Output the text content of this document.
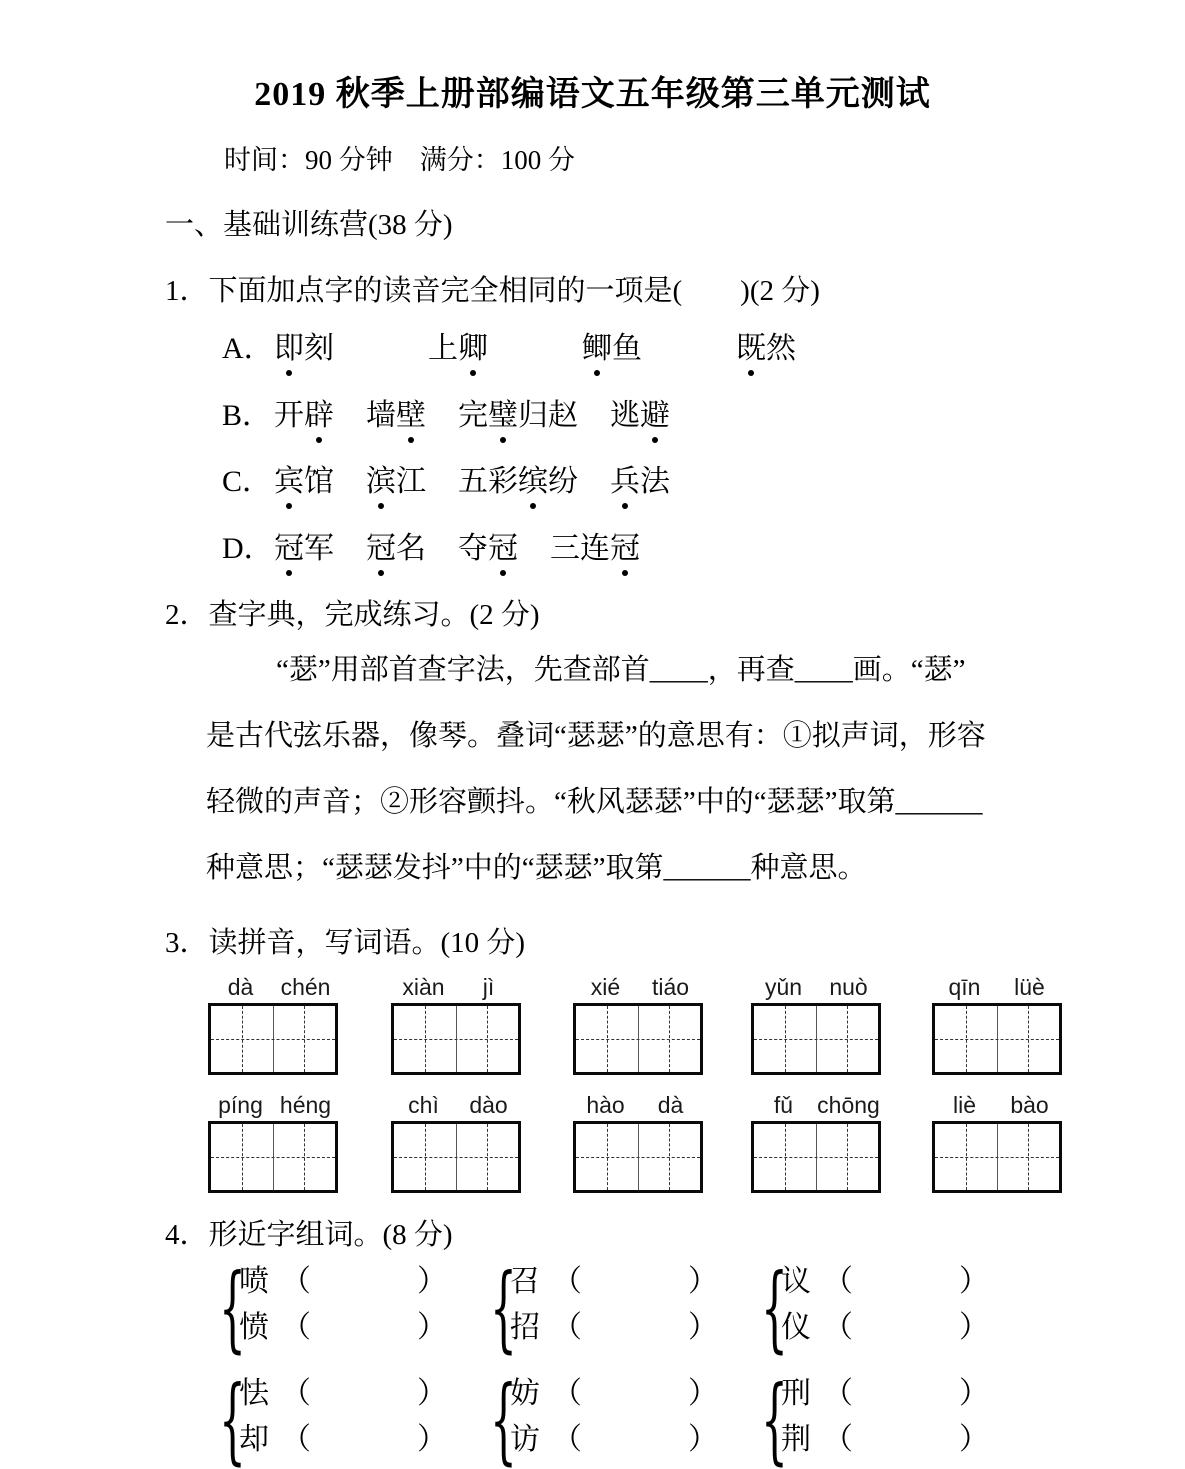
2019 秋季上册部编语文五年级第三单元测试
时间：90 分钟　满分：100 分
一、基础训练营(38 分)
1．下面加点字的读音完全相同的一项是(　　)(2 分)
A．即刻	上卿	鲫鱼	既然
B．开辟 墙壁 完璧归赵 逃避
C．宾馆 滨江 五彩缤纷 兵法
D．冠军 冠名 夺冠 三连冠
2．查字典，完成练习。(2 分)
“瑟”用部首查字法，先查部首____，再查____画。“瑟”
是古代弦乐器，像琴。叠词“瑟瑟”的意思有：①拟声词，形容
轻微的声音；②形容颤抖。“秋风瑟瑟”中的“瑟瑟”取第______
种意思；“瑟瑟发抖”中的“瑟瑟”取第______种意思。
3．读拼音，写词语。(10 分)
dà	chén	xiàn	jì	xié	tiáo	yǔn	nuò	qīn	lüè
píng héng	chì	dào	hào	dà	fǔ	chōng	liè	bào
4．形近字组词。(8 分)
{
喷 （	）
愤 （	） {
召 （	）
招 （	） {
议 （	）
仪 （	）
{
怯 （	）
却 （	） {
妨 （	）
访 （	） {
刑 （	）
荆 （	）
